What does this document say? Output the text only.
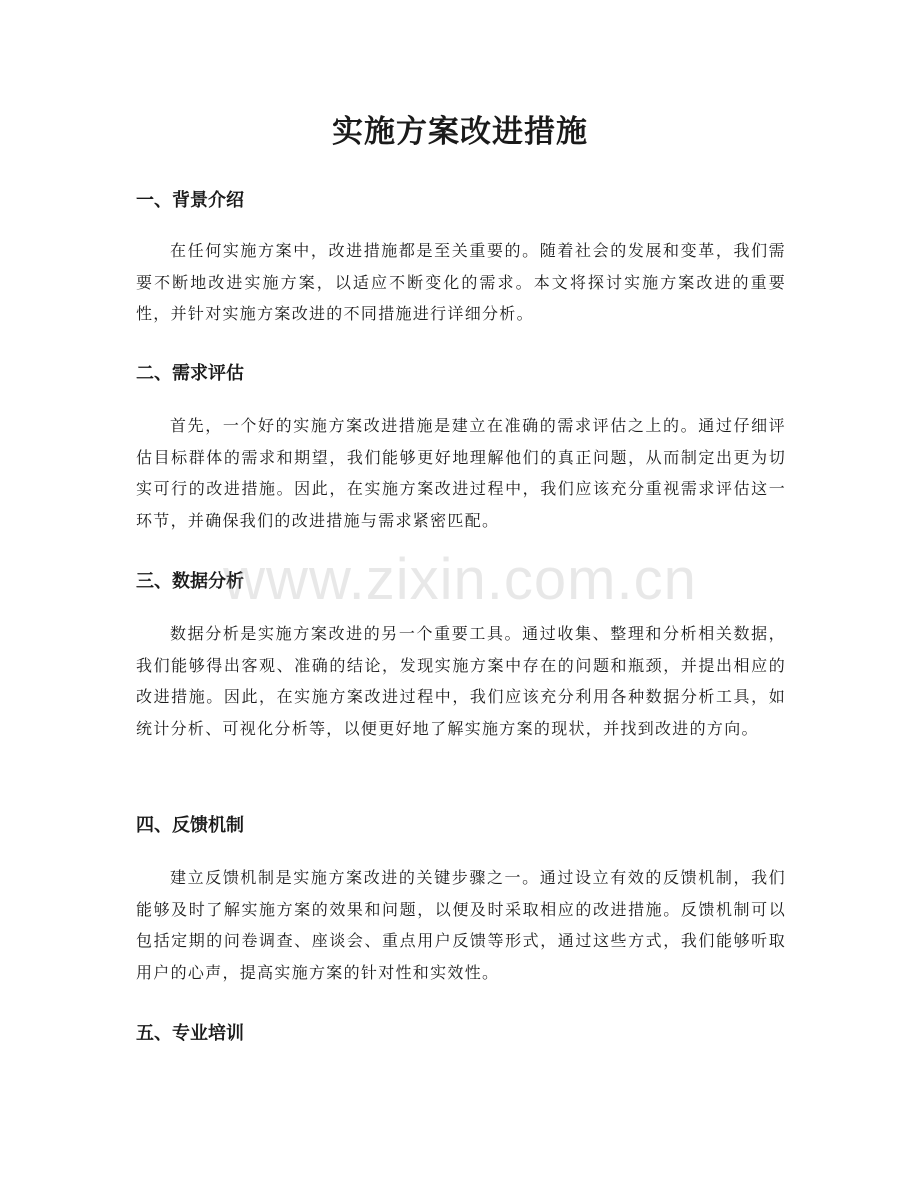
实施方案改进措施
一、背景介绍

在任何实施方案中，改进措施都是至关重要的。随着社会的发展和变革，我们需要不断地改进实施方案，以适应不断变化的需求。本文将探讨实施方案改进的重要性，并针对实施方案改进的不同措施进行详细分析。

二、需求评估

首先，一个好的实施方案改进措施是建立在准确的需求评估之上的。通过仔细评估目标群体的需求和期望，我们能够更好地理解他们的真正问题，从而制定出更为切实可行的改进措施。因此，在实施方案改进过程中，我们应该充分重视需求评估这一环节，并确保我们的改进措施与需求紧密匹配。

三、数据分析

数据分析是实施方案改进的另一个重要工具。通过收集、整理和分析相关数据，我们能够得出客观、准确的结论，发现实施方案中存在的问题和瓶颈，并提出相应的改进措施。因此，在实施方案改进过程中，我们应该充分利用各种数据分析工具，如统计分析、可视化分析等，以便更好地了解实施方案的现状，并找到改进的方向。

四、反馈机制

建立反馈机制是实施方案改进的关键步骤之一。通过设立有效的反馈机制，我们能够及时了解实施方案的效果和问题，以便及时采取相应的改进措施。反馈机制可以包括定期的问卷调查、座谈会、重点用户反馈等形式，通过这些方式，我们能够听取用户的心声，提高实施方案的针对性和实效性。

五、专业培训
www.zixin.com.cn
